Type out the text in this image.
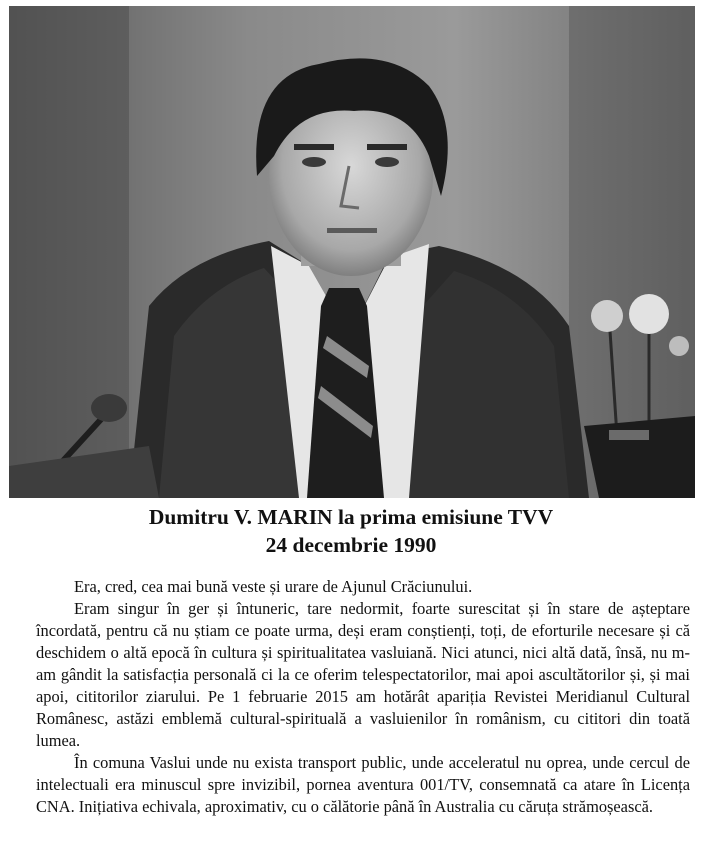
Dumitru V. MARIN la prima emisiune TVV
24 decembrie 1990

Era, cred, cea mai bună veste și urare de Ajunul Crăciunului.

Eram singur în ger și întuneric, tare nedormit, foarte surescitat și în stare de așteptare încordată, pentru că nu știam ce poate urma, deși eram conștienți, toți, de eforturile necesare și că deschidem o altă epocă în cultura și spiritualitatea vasluiană. Nici atunci, nici altă dată, însă, nu m-am gândit la satisfacția personală ci la ce oferim telespectatorilor, mai apoi ascultătorilor și, și mai apoi, cititorilor ziarului. Pe 1 februarie 2015 am hotărât apariția Revistei Meridianul Cultural Românesc, astăzi emblemă cultural-spirituală a vasluienilor în românism, cu cititori din toată lumea.

În comuna Vaslui unde nu exista transport public, unde acceleratul nu oprea, unde cercul de intelectuali era minuscul spre invizibil, pornea aventura 001/TV, consemnată ca atare în Licența CNA. Inițiativa echivala, aproximativ, cu o călătorie până în Australia cu căruța strămoșească.
